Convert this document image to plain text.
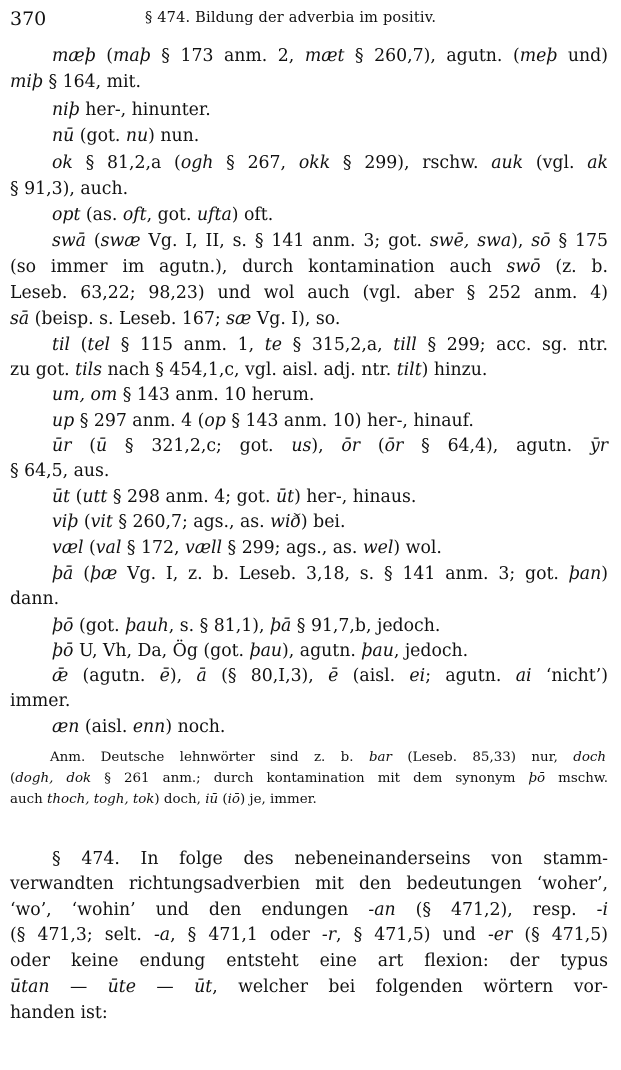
370	§ 474. Bildung der adverbia im positiv.
mæþ (maþ § 173 anm. 2, mæt § 260,7), agutn. (meþ und)
miþ § 164, mit.
niþ her-, hinunter.
nū (got. nu) nun.
ok § 81,2,a (ogh § 267, okk § 299), rschw. auk (vgl. ak
§ 91,3), auch.
opt (as. oft, got. ufta) oft.
swā (swæ Vg. I, II, s. § 141 anm. 3; got. swē, swa), sō § 175
(so immer im agutn.), durch kontamination auch swō (z. b.
Leseb. 63,22; 98,23) und wol auch (vgl. aber § 252 anm. 4)
sā (beisp. s. Leseb. 167; sæ Vg. I), so.
til (tel § 115 anm. 1, te § 315,2,a, till § 299; acc. sg. ntr.
zu got. tils nach § 454,1,c, vgl. aisl. adj. ntr. tilt) hinzu.
um, om § 143 anm. 10 herum.
up § 297 anm. 4 (op § 143 anm. 10) her-, hinauf.
ūr (ū § 321,2,c; got. us), ōr (ōr § 64,4), agutn. ȳr
§ 64,5, aus.
ūt (utt § 298 anm. 4; got. ūt) her-, hinaus.
viþ (vit § 260,7; ags., as. wið) bei.
væl (val § 172, væll § 299; ags., as. wel) wol.
þā (þæ Vg. I, z. b. Leseb. 3,18, s. § 141 anm. 3; got. þan)
dann.
þō (got. þauh, s. § 81,1), þā § 91,7,b, jedoch.
þō U, Vh, Da, Ög (got. þau), agutn. þau, jedoch.
ǣ (agutn. ē), ā (§ 80,I,3), ē (aisl. ei; agutn. ai ‘nicht’)
immer.
æn (aisl. enn) noch.
Anm. Deutsche lehnwörter sind z. b. bar (Leseb. 85,33) nur, doch
(dogh, dok § 261 anm.; durch kontamination mit dem synonym þō mschw.
auch thoch, togh, tok) doch, iū (iō) je, immer.
§ 474. In folge des nebeneinanderseins von stamm-
verwandten richtungsadverbien mit den bedeutungen ‘woher’,
‘wo’, ‘wohin’ und den endungen -an (§ 471,2), resp. -i
(§ 471,3; selt. -a, § 471,1 oder -r, § 471,5) und -er (§ 471,5)
oder keine endung entsteht eine art flexion: der typus
ūtan — ūte — ūt, welcher bei folgenden wörtern vor-
handen ist:
